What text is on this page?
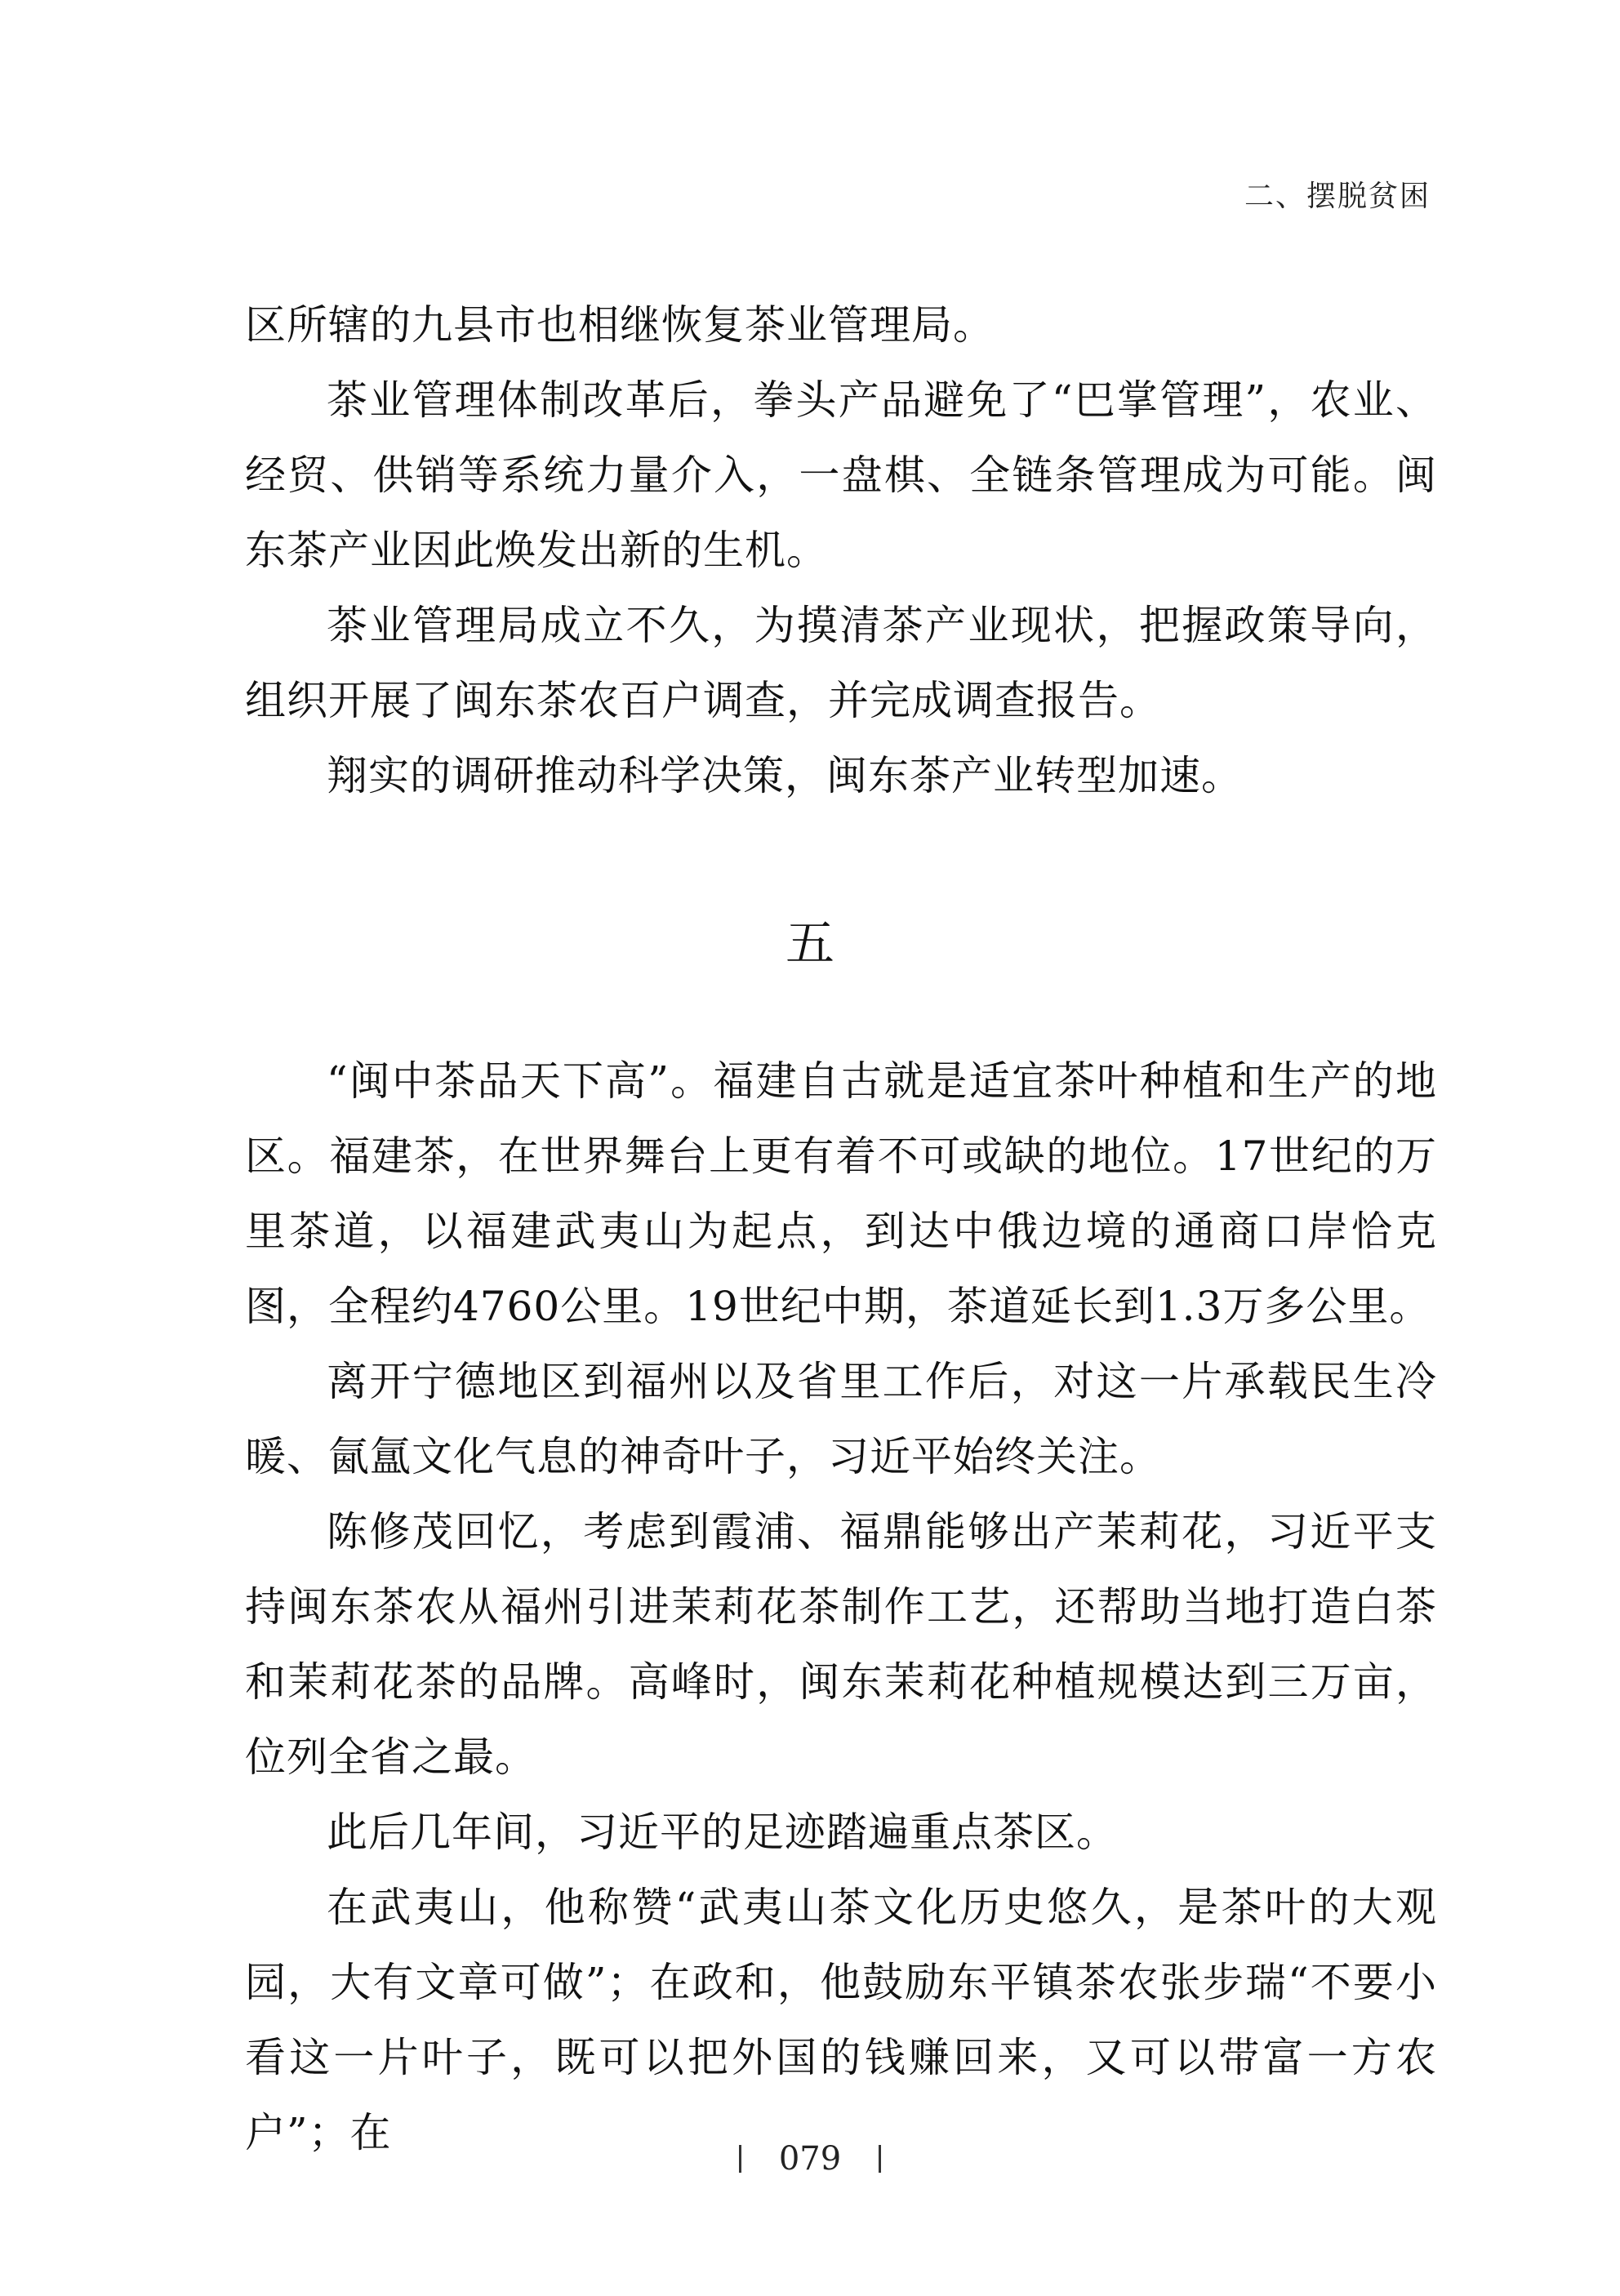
二、摆脱贫困

区所辖的九县市也相继恢复茶业管理局。

茶业管理体制改革后，拳头产品避免了“巴掌管理”，农业、经贸、供销等系统力量介入，一盘棋、全链条管理成为可能。闽东茶产业因此焕发出新的生机。

茶业管理局成立不久，为摸清茶产业现状，把握政策导向，组织开展了闽东茶农百户调查，并完成调查报告。

翔实的调研推动科学决策，闽东茶产业转型加速。

五

“闽中茶品天下高”。福建自古就是适宜茶叶种植和生产的地区。福建茶，在世界舞台上更有着不可或缺的地位。17世纪的万里茶道，以福建武夷山为起点，到达中俄边境的通商口岸恰克图，全程约4760公里。19世纪中期，茶道延长到1.3万多公里。

离开宁德地区到福州以及省里工作后，对这一片承载民生冷暖、氤氲文化气息的神奇叶子，习近平始终关注。

陈修茂回忆，考虑到霞浦、福鼎能够出产茉莉花，习近平支持闽东茶农从福州引进茉莉花茶制作工艺，还帮助当地打造白茶和茉莉花茶的品牌。高峰时，闽东茉莉花种植规模达到三万亩，位列全省之最。

此后几年间，习近平的足迹踏遍重点茶区。

在武夷山，他称赞“武夷山茶文化历史悠久，是茶叶的大观园，大有文章可做”；在政和，他鼓励东平镇茶农张步瑞“不要小看这一片叶子，既可以把外国的钱赚回来，又可以带富一方农户”；在

079
